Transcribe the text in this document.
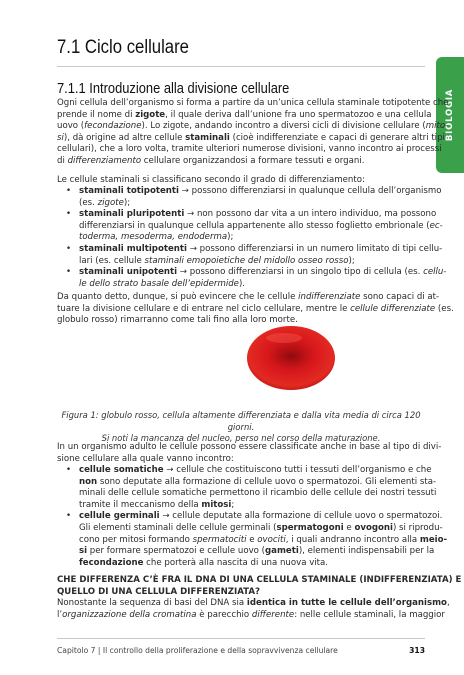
BIOLOGIA
7.1 Ciclo cellulare
7.1.1 Introduzione alla divisione cellulare
Ogni cellula dell’organismo si forma a partire da un’unica cellula staminale totipotente che
prende il nome di zigote, il quale deriva dall’unione fra uno spermatozoo e una cellula
uovo (fecondazione). Lo zigote, andando incontro a diversi cicli di divisione cellulare (mito-
si), dà origine ad altre cellule staminali (cioè indifferenziate e capaci di generare altri tipi
cellulari), che a loro volta, tramite ulteriori numerose divisioni, vanno incontro ai processi
di differenziamento cellulare organizzandosi a formare tessuti e organi.
Le cellule staminali si classificano secondo il grado di differenziamento:
• staminali totipotenti → possono differenziarsi in qualunque cellula dell’organismo
(es. zigote);
• staminali pluripotenti → non possono dar vita a un intero individuo, ma possono
differenziarsi in qualunque cellula appartenente allo stesso foglietto embrionale (ec-
toderma, mesoderma, endoderma);
• staminali multipotenti → possono differenziarsi in un numero limitato di tipi cellu-
lari (es. cellule staminali emopoietiche del midollo osseo rosso);
• staminali unipotenti → possono differenziarsi in un singolo tipo di cellula (es. cellu-
le dello strato basale dell’epidermide).
Da quanto detto, dunque, si può evincere che le cellule indifferenziate sono capaci di at-
tuare la divisione cellulare e di entrare nel ciclo cellulare, mentre le cellule differenziate (es.
globulo rosso) rimarranno come tali fino alla loro morte.
Figura 1: globulo rosso, cellula altamente differenziata e dalla vita media di circa 120 giorni.
Si noti la mancanza del nucleo, perso nel corso della maturazione.
In un organismo adulto le cellule possono essere classificate anche in base al tipo di divi-
sione cellulare alla quale vanno incontro:
• cellule somatiche → cellule che costituiscono tutti i tessuti dell’organismo e che
non sono deputate alla formazione di cellule uovo o spermatozoi. Gli elementi sta-
minali delle cellule somatiche permettono il ricambio delle cellule dei nostri tessuti
tramite il meccanismo della mitosi;
• cellule germinali → cellule deputate alla formazione di cellule uovo o spermatozoi.
Gli elementi staminali delle cellule germinali (spermatogoni e ovogoni) si riprodu-
cono per mitosi formando spermatociti e ovociti, i quali andranno incontro alla meio-
si per formare spermatozoi e cellule uovo (gameti), elementi indispensabili per la
fecondazione che porterà alla nascita di una nuova vita.
CHE DIFFERENZA C’È FRA IL DNA DI UNA CELLULA STAMINALE (INDIFFERENZIATA) E
QUELLO DI UNA CELLULA DIFFERENZIATA?
Nonostante la sequenza di basi del DNA sia identica in tutte le cellule dell’organismo,
l’organizzazione della cromatina è parecchio differente: nelle cellule staminali, la maggior
Capitolo 7 | Il controllo della proliferazione e della sopravvivenza cellulare	313
